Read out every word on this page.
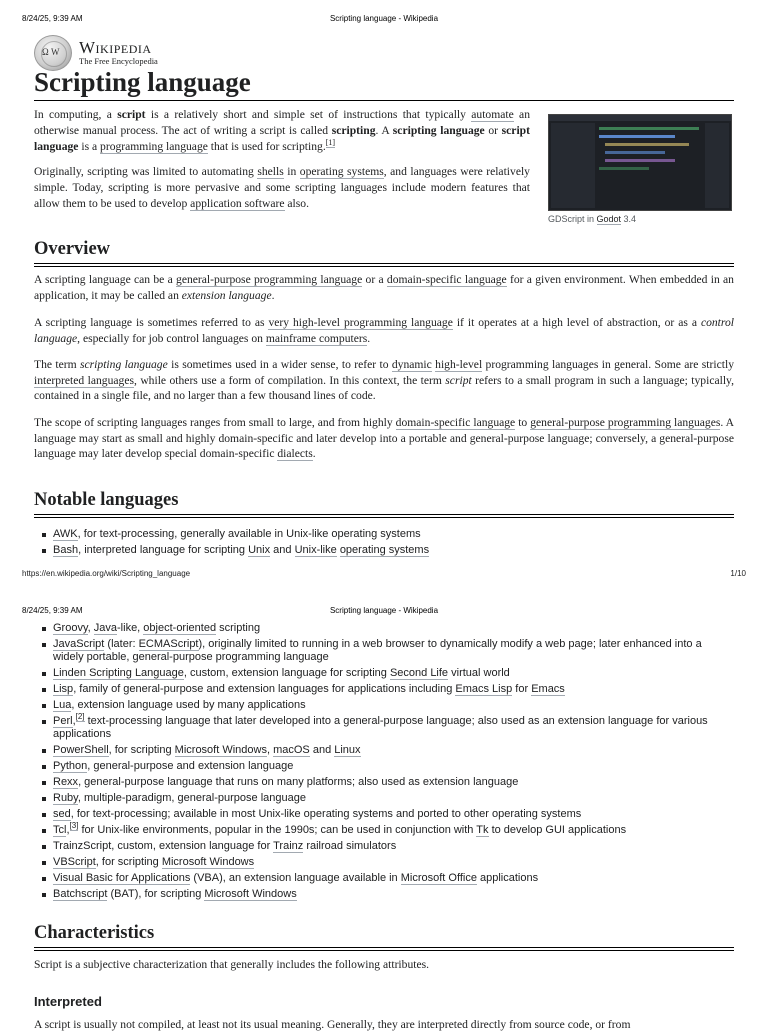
8/24/25, 9:39 AM	Scripting language - Wikipedia
Ω W
Wikipedia
The Free Encyclopedia
Scripting language

In computing, a script is a relatively short and simple set of instructions that typically automate an otherwise manual process. The act of writing a script is called scripting. A scripting language or script language is a programming language that is used for scripting.[1]

Originally, scripting was limited to automating shells in operating systems, and languages were relatively simple. Today, scripting is more pervasive and some scripting languages include modern features that allow them to be used to develop application software also.

GDScript in Godot 3.4
Overview

A scripting language can be a general-purpose programming language or a domain-specific language for a given environment. When embedded in an application, it may be called an extension language.

A scripting language is sometimes referred to as very high-level programming language if it operates at a high level of abstraction, or as a control language, especially for job control languages on mainframe computers.

The term scripting language is sometimes used in a wider sense, to refer to dynamic high-level programming languages in general. Some are strictly interpreted languages, while others use a form of compilation. In this context, the term script refers to a small program in such a language; typically, contained in a single file, and no larger than a few thousand lines of code.

The scope of scripting languages ranges from small to large, and from highly domain-specific language to general-purpose programming languages. A language may start as small and highly domain-specific and later develop into a portable and general-purpose language; conversely, a general-purpose language may later develop special domain-specific dialects.

Notable languages
AWK, for text-processing, generally available in Unix-like operating systems
Bash, interpreted language for scripting Unix and Unix-like operating systems
https://en.wikipedia.org/wiki/Scripting_language	1/10
8/24/25, 9:39 AM	Scripting language - Wikipedia
Groovy, Java-like, object-oriented scripting
JavaScript (later: ECMAScript), originally limited to running in a web browser to dynamically modify a web page; later enhanced into a widely portable, general-purpose programming language
Linden Scripting Language, custom, extension language for scripting Second Life virtual world
Lisp, family of general-purpose and extension languages for applications including Emacs Lisp for Emacs
Lua, extension language used by many applications
Perl,[2] text-processing language that later developed into a general-purpose language; also used as an extension language for various applications
PowerShell, for scripting Microsoft Windows, macOS and Linux
Python, general-purpose and extension language
Rexx, general-purpose language that runs on many platforms; also used as extension language
Ruby, multiple-paradigm, general-purpose language
sed, for text-processing; available in most Unix-like operating systems and ported to other operating systems
Tcl,[3] for Unix-like environments, popular in the 1990s; can be used in conjunction with Tk to develop GUI applications
TrainzScript, custom, extension language for Trainz railroad simulators
VBScript, for scripting Microsoft Windows
Visual Basic for Applications (VBA), an extension language available in Microsoft Office applications
Batchscript (BAT), for scripting Microsoft Windows
Characteristics

Script is a subjective characterization that generally includes the following attributes.

Interpreted

A script is usually not compiled, at least not its usual meaning. Generally, they are interpreted directly from source code, or from
